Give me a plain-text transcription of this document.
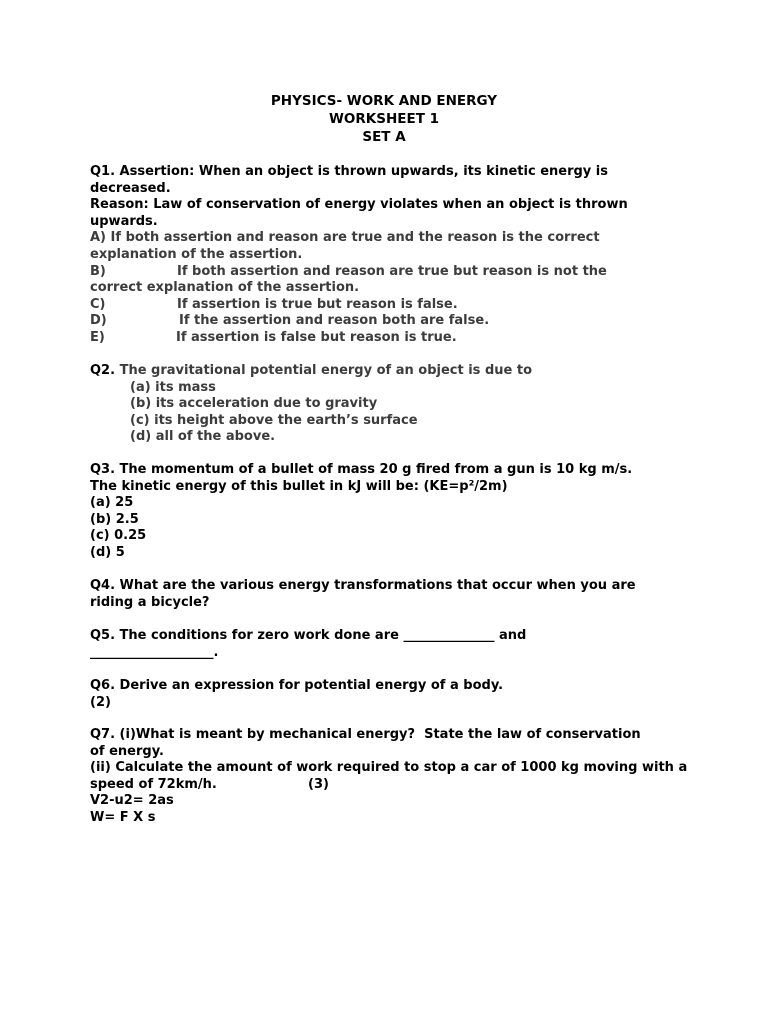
PHYSICS- WORK AND ENERGY
WORKSHEET 1
SET A
Q1. Assertion: When an object is thrown upwards, its kinetic energy is
decreased.
Reason: Law of conservation of energy violates when an object is thrown
upwards.
A) If both assertion and reason are true and the reason is the correct
explanation of the assertion.
B)	If both assertion and reason are true but reason is not the
correct explanation of the assertion.
C)	If assertion is true but reason is false.
D)	If the assertion and reason both are false.
E)	If assertion is false but reason is true.
Q2. The gravitational potential energy of an object is due to
(a) its mass
(b) its acceleration due to gravity
(c) its height above the earth’s surface
(d) all of the above.
Q3. The momentum of a bullet of mass 20 g fired from a gun is 10 kg m/s.
The kinetic energy of this bullet in kJ will be: (KE=p²/2m)
(a) 25
(b) 2.5
(c) 0.25
(d) 5
Q4. What are the various energy transformations that occur when you are
riding a bicycle?
Q5. The conditions for zero work done are ______________ and
___________________.
Q6. Derive an expression for potential energy of a body.
(2)
Q7. (i)What is meant by mechanical energy?  State the law of conservation
of energy.
(ii) Calculate the amount of work required to stop a car of 1000 kg moving with a
speed of 72km/h.	(3)
V2-u2= 2as
W= F X s
